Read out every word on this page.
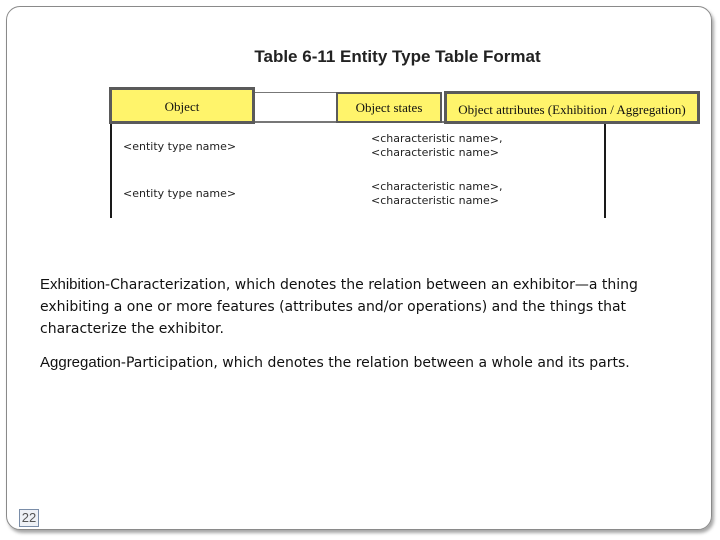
Table 6-11 Entity Type Table Format
Object	Object states	Object attributes (Exhibition / Aggregation)
<entity type name>
<characteristic name>,
<characteristic name>
<entity type name>
<characteristic name>,
<characteristic name>
Exhibition-Characterization, which denotes the relation between an exhibitor—a thing exhibiting a one or more features (attributes and/or operations) and the things that characterize the exhibitor.
Aggregation-Participation, which denotes the relation between a whole and its parts.
22
